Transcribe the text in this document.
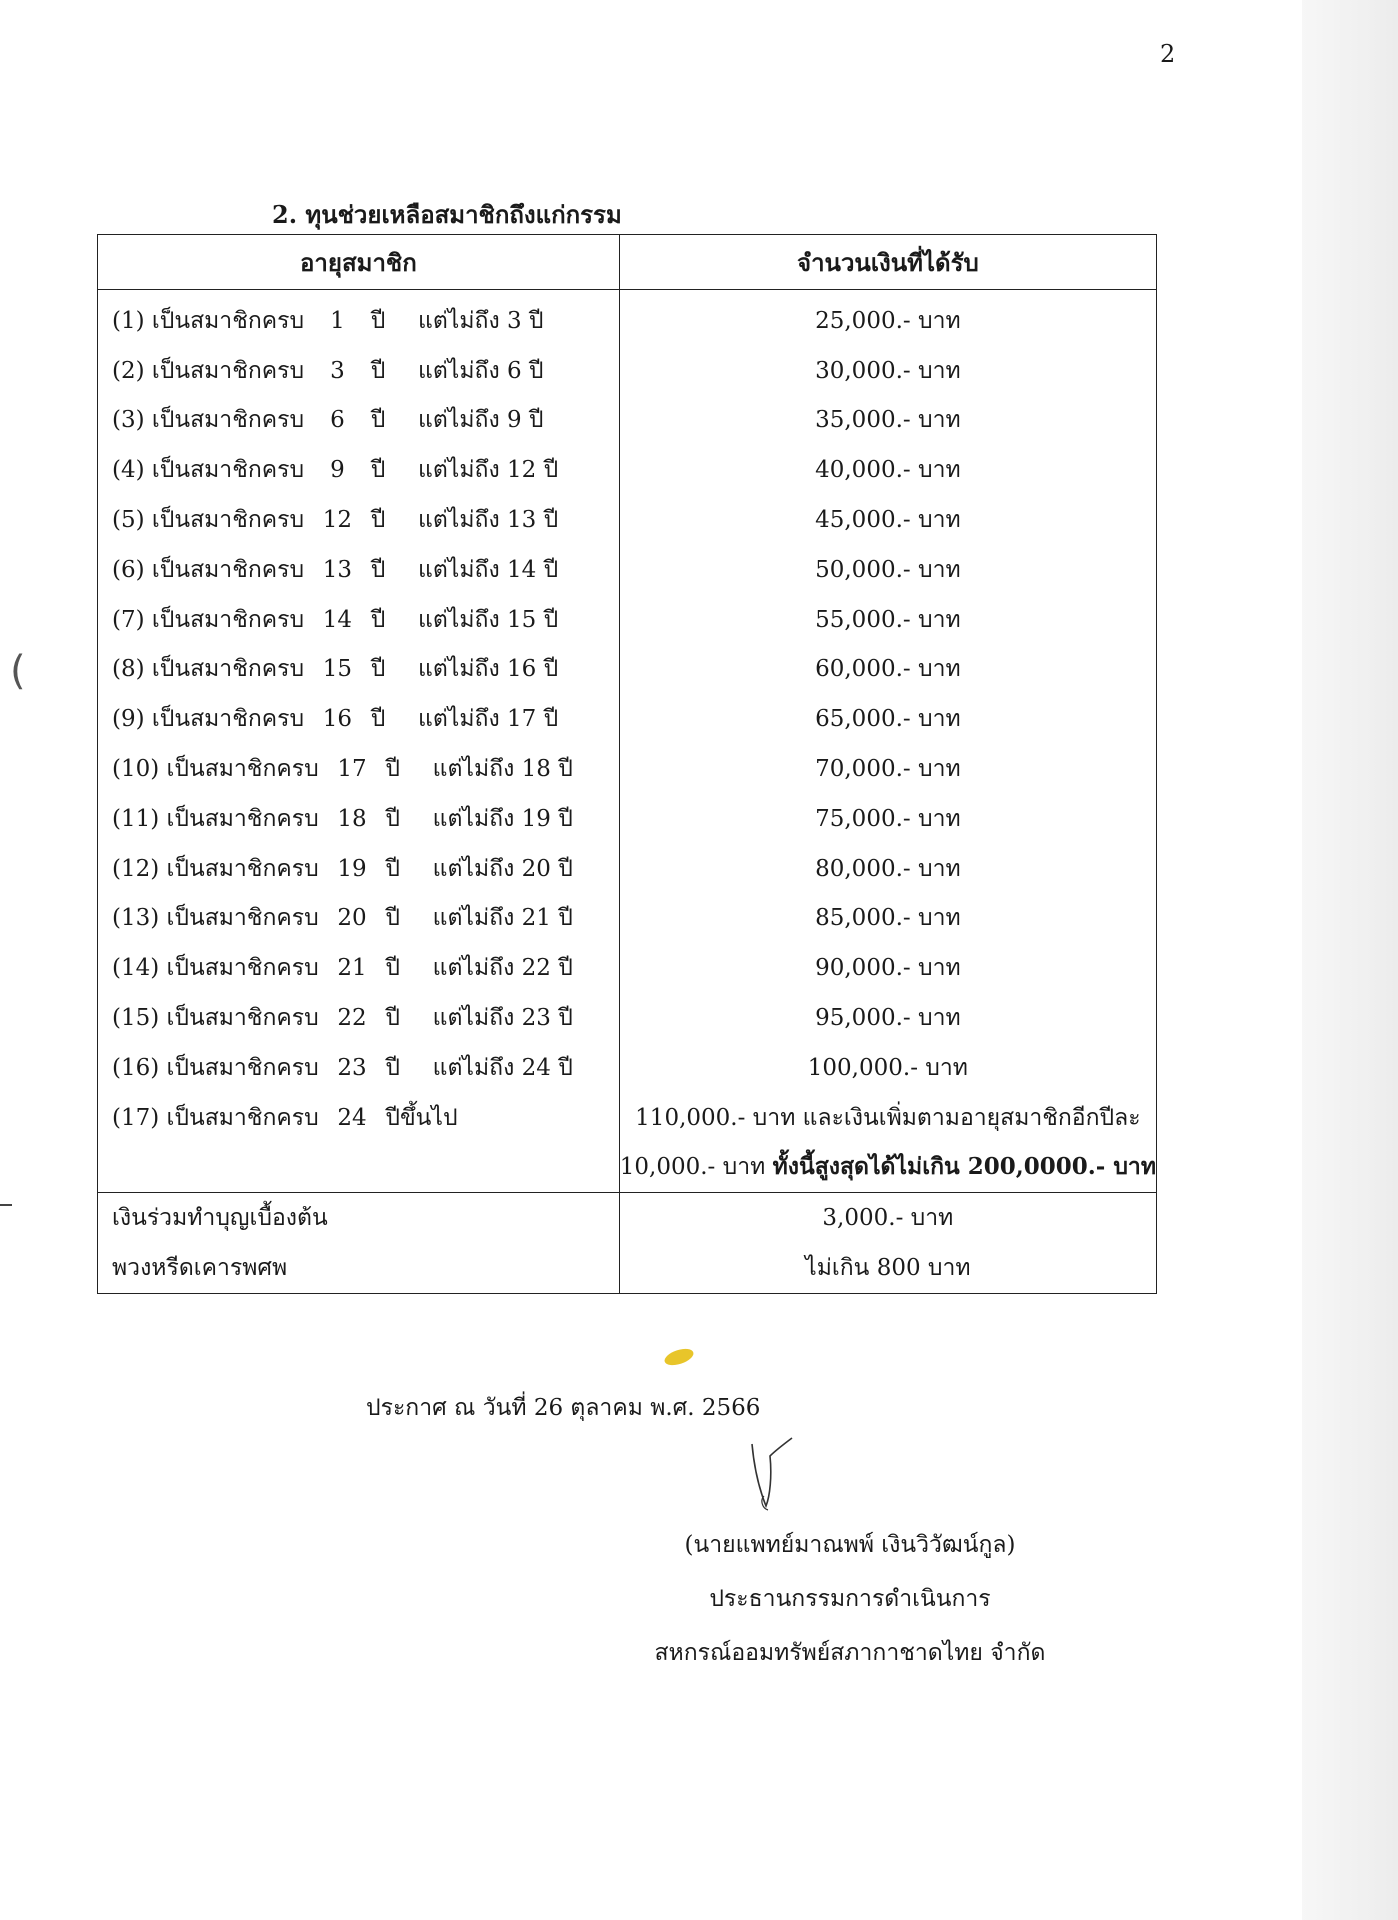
2
2. ทุนช่วยเหลือสมาชิกถึงแก่กรรม
อายุสมาชิก	จำนวนเงินที่ได้รับ
(1) เป็นสมาชิกครบ 1 ปี แต่ไม่ถึง 3 ปี	25,000.- บาท
(2) เป็นสมาชิกครบ 3 ปี แต่ไม่ถึง 6 ปี	30,000.- บาท
(3) เป็นสมาชิกครบ 6 ปี แต่ไม่ถึง 9 ปี	35,000.- บาท
(4) เป็นสมาชิกครบ 9 ปี แต่ไม่ถึง 12 ปี	40,000.- บาท
(5) เป็นสมาชิกครบ 12 ปี แต่ไม่ถึง 13 ปี	45,000.- บาท
(6) เป็นสมาชิกครบ 13 ปี แต่ไม่ถึง 14 ปี	50,000.- บาท
(7) เป็นสมาชิกครบ 14 ปี แต่ไม่ถึง 15 ปี	55,000.- บาท
(8) เป็นสมาชิกครบ 15 ปี แต่ไม่ถึง 16 ปี	60,000.- บาท
(9) เป็นสมาชิกครบ 16 ปี แต่ไม่ถึง 17 ปี	65,000.- บาท
(10) เป็นสมาชิกครบ 17 ปี แต่ไม่ถึง 18 ปี	70,000.- บาท
(11) เป็นสมาชิกครบ 18 ปี แต่ไม่ถึง 19 ปี	75,000.- บาท
(12) เป็นสมาชิกครบ 19 ปี แต่ไม่ถึง 20 ปี	80,000.- บาท
(13) เป็นสมาชิกครบ 20 ปี แต่ไม่ถึง 21 ปี	85,000.- บาท
(14) เป็นสมาชิกครบ 21 ปี แต่ไม่ถึง 22 ปี	90,000.- บาท
(15) เป็นสมาชิกครบ 22 ปี แต่ไม่ถึง 23 ปี	95,000.- บาท
(16) เป็นสมาชิกครบ 23 ปี แต่ไม่ถึง 24 ปี	100,000.- บาท
(17) เป็นสมาชิกครบ 24 ปีขึ้นไป	110,000.- บาท และเงินเพิ่มตามอายุสมาชิกอีกปีละ
	10,000.- บาท ทั้งนี้สูงสุดได้ไม่เกิน 200,0000.- บาท
เงินร่วมทำบุญเบื้องต้น	3,000.- บาท
พวงหรีดเคารพศพ	ไม่เกิน 800 บาท
(
ประกาศ ณ วันที่ 26 ตุลาคม พ.ศ. 2566
(นายแพทย์มาณพพ์ เงินวิวัฒน์กูล)
ประธานกรรมการดำเนินการ
สหกรณ์ออมทรัพย์สภากาชาดไทย จำกัด
